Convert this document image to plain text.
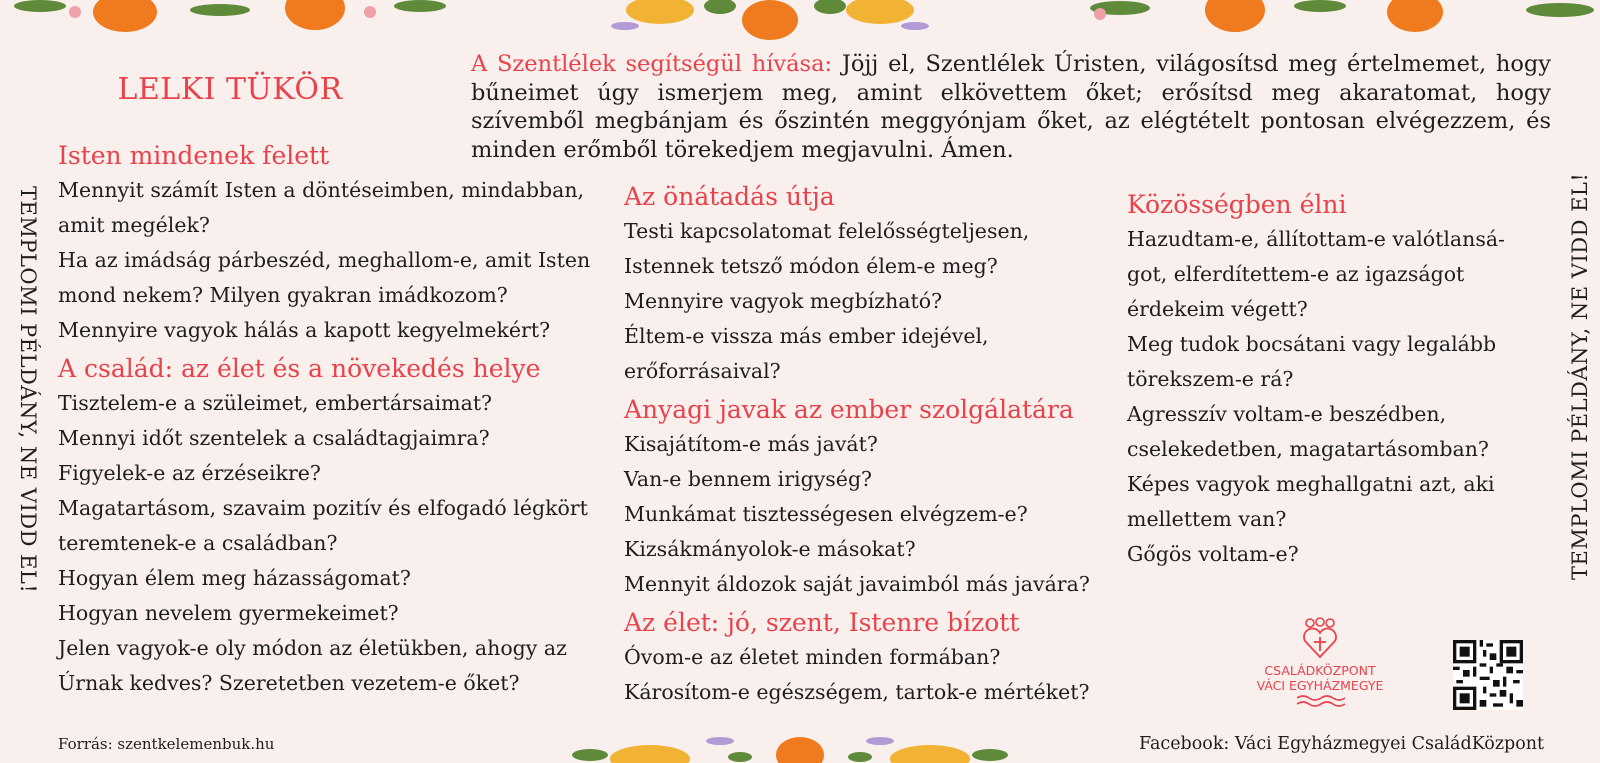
LELKI TÜKÖR
A Szentlélek segítségül hívása: Jöjj el, Szentlélek Úristen, világosítsd meg értelmemet, hogy bűneimet úgy ismerjem meg, amint elkövettem őket; erősítsd meg akaratomat, hogy szívemből megbánjam és őszintén meggyónjam őket, az elégtételt pontosan elvégezzem, és minden erőmből törekedjem megjavulni. Ámen.

Isten mindenek felett

Mennyit számít Isten a döntéseimben, mindabban,

amit megélek?

Ha az imádság párbeszéd, meghallom-e, amit Isten

mond nekem? Milyen gyakran imádkozom?

Mennyire vagyok hálás a kapott kegyelmekért?

A család: az élet és a növekedés helye

Tisztelem-e a szüleimet, embertársaimat?

Mennyi időt szentelek a családtagjaimra?

Figyelek-e az érzéseikre?

Magatartásom, szavaim pozitív és elfogadó légkört

teremtenek-e a családban?

Hogyan élem meg házasságomat?

Hogyan nevelem gyermekeimet?

Jelen vagyok-e oly módon az életükben, ahogy az

Úrnak kedves? Szeretetben vezetem-e őket?

Az önátadás útja

Testi kapcsolatomat felelősségteljesen,

Istennek tetsző módon élem-e meg?

Mennyire vagyok megbízható?

Éltem-e vissza más ember idejével,

erőforrásaival?

Anyagi javak az ember szolgálatára

Kisajátítom-e más javát?

Van-e bennem irigység?

Munkámat tisztességesen elvégzem-e?

Kizsákmányolok-e másokat?

Mennyit áldozok saját javaimból más javára?

Az élet: jó, szent, Istenre bízott

Óvom-e az életet minden formában?

Károsítom-e egészségem, tartok-e mértéket?

Közösségben élni

Hazudtam-e, állítottam-e valótlansá-

got, elferdítettem-e az igazságot

érdekeim végett?

Meg tudok bocsátani vagy legalább

törekszem-e rá?

Agresszív voltam-e beszédben,

cselekedetben, magatartásomban?

Képes vagyok meghallgatni azt, aki

mellettem van?

Gőgös voltam-e?

TEMPLOMI PÉLDÁNY, NE VIDD EL!	TEMPLOMI PÉLDÁNY, NE VIDD EL!
Forrás: szentkelemenbuk.hu	Facebook: Váci Egyházmegyei CsaládKözpont
CSALÁDKÖZPONT
VÁCI EGYHÁZMEGYE
